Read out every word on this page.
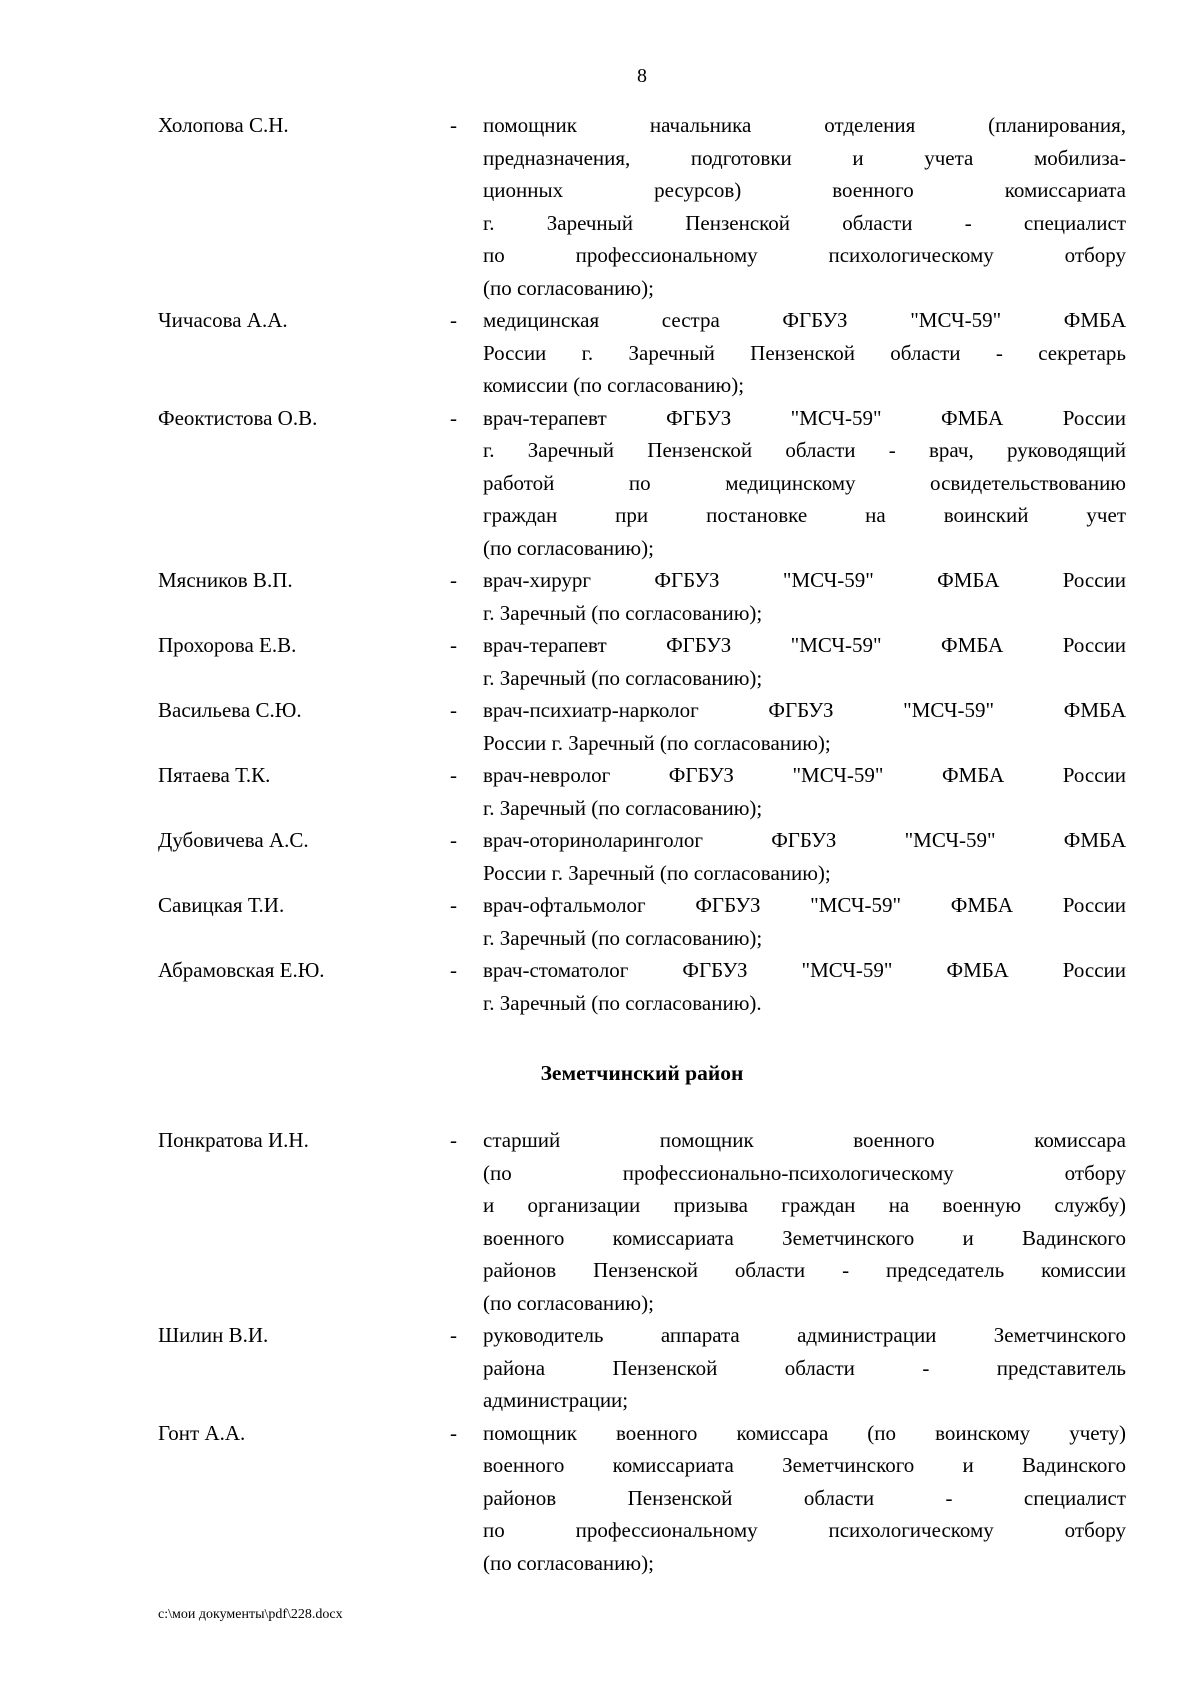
8
Холопова С.Н.	-	помощник начальника отделения (планирования,
предназначения, подготовки и учета мобилиза-
ционных ресурсов) военного комиссариата
г. Заречный Пензенской области - специалист
по профессиональному психологическому отбору
(по согласованию);
Чичасова А.А.	-	медицинская сестра ФГБУЗ "МСЧ-59" ФМБА
России г. Заречный Пензенской области - секретарь
комиссии (по согласованию);
Феоктистова О.В.	-	врач-терапевт ФГБУЗ "МСЧ-59" ФМБА России
г. Заречный Пензенской области - врач, руководящий
работой по медицинскому освидетельствованию
граждан при постановке на воинский учет
(по согласованию);
Мясников В.П.	-	врач-хирург ФГБУЗ "МСЧ-59" ФМБА России
г. Заречный (по согласованию);
Прохорова Е.В.	-	врач-терапевт ФГБУЗ "МСЧ-59" ФМБА России
г. Заречный (по согласованию);
Васильева С.Ю.	-	врач-психиатр-нарколог ФГБУЗ "МСЧ-59" ФМБА
России г. Заречный (по согласованию);
Пятаева Т.К.	-	врач-невролог ФГБУЗ "МСЧ-59" ФМБА России
г. Заречный (по согласованию);
Дубовичева А.С.	-	врач-оториноларинголог ФГБУЗ "МСЧ-59" ФМБА
России г. Заречный (по согласованию);
Савицкая Т.И.	-	врач-офтальмолог ФГБУЗ "МСЧ-59" ФМБА России
г. Заречный (по согласованию);
Абрамовская Е.Ю.	-	врач-стоматолог ФГБУЗ "МСЧ-59" ФМБА России
г. Заречный (по согласованию).
Земетчинский район
Понкратова И.Н.	-	старший помощник военного комиссара
(по профессионально-психологическому отбору
и организации призыва граждан на военную службу)
военного комиссариата Земетчинского и Вадинского
районов Пензенской области - председатель комиссии
(по согласованию);
Шилин В.И.	-	руководитель аппарата администрации Земетчинского
района Пензенской области - представитель
администрации;
Гонт А.А.	-	помощник военного комиссара (по воинскому учету)
военного комиссариата Земетчинского и Вадинского
районов Пензенской области - специалист
по профессиональному психологическому отбору
(по согласованию);
с:\мои документы\pdf\228.docx
